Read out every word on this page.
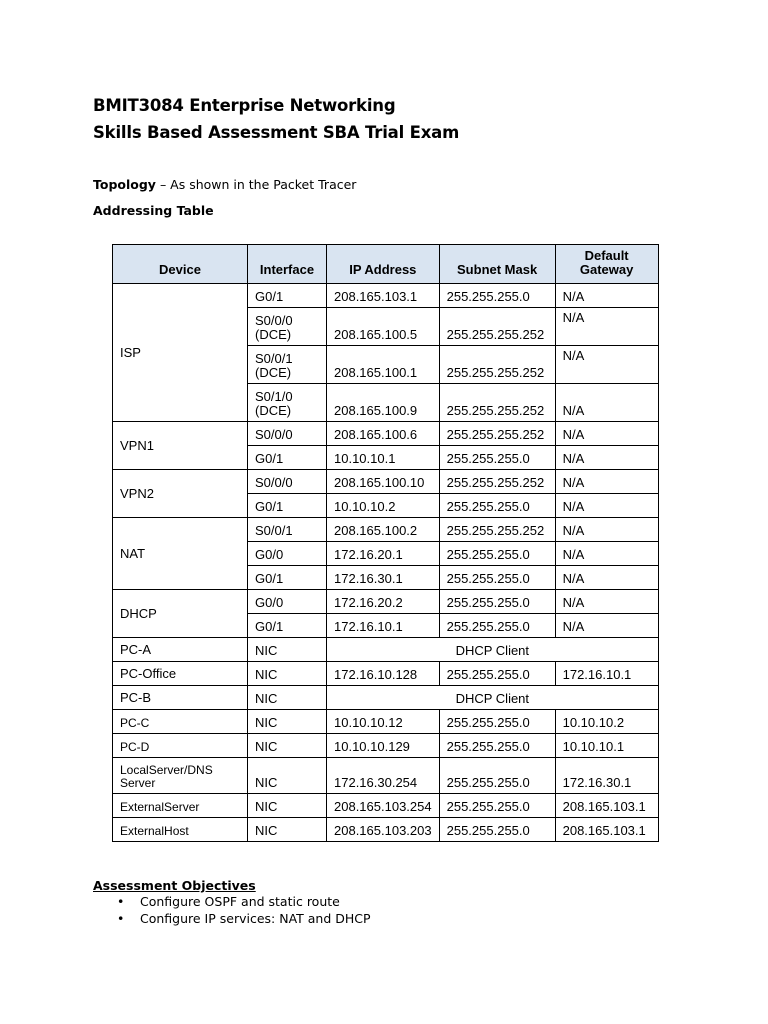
BMIT3084 Enterprise Networking
Skills Based Assessment SBA Trial Exam
Topology – As shown in the Packet Tracer
Addressing Table
Device	Interface	IP Address	Subnet Mask	Default Gateway
ISP	G0/1	208.165.103.1	255.255.255.0	N/A
	S0/0/0 (DCE)	208.165.100.5	255.255.255.252	N/A
	S0/0/1 (DCE)	208.165.100.1	255.255.255.252	N/A
	S0/1/0 (DCE)	208.165.100.9	255.255.255.252	N/A
VPN1	S0/0/0	208.165.100.6	255.255.255.252	N/A
	G0/1	10.10.10.1	255.255.255.0	N/A
VPN2	S0/0/0	208.165.100.10	255.255.255.252	N/A
	G0/1	10.10.10.2	255.255.255.0	N/A
NAT	S0/0/1	208.165.100.2	255.255.255.252	N/A
	G0/0	172.16.20.1	255.255.255.0	N/A
	G0/1	172.16.30.1	255.255.255.0	N/A
DHCP	G0/0	172.16.20.2	255.255.255.0	N/A
	G0/1	172.16.10.1	255.255.255.0	N/A
PC-A	NIC	DHCP Client		
PC-Office	NIC	172.16.10.128	255.255.255.0	172.16.10.1
PC-B	NIC	DHCP Client		
PC-C	NIC	10.10.10.12	255.255.255.0	10.10.10.2
PC-D	NIC	10.10.10.129	255.255.255.0	10.10.10.1
LocalServer/DNS Server	NIC	172.16.30.254	255.255.255.0	172.16.30.1
ExternalServer	NIC	208.165.103.254	255.255.255.0	208.165.103.1
ExternalHost	NIC	208.165.103.203	255.255.255.0	208.165.103.1
Assessment Objectives
• Configure OSPF and static route
• Configure IP services: NAT and DHCP
